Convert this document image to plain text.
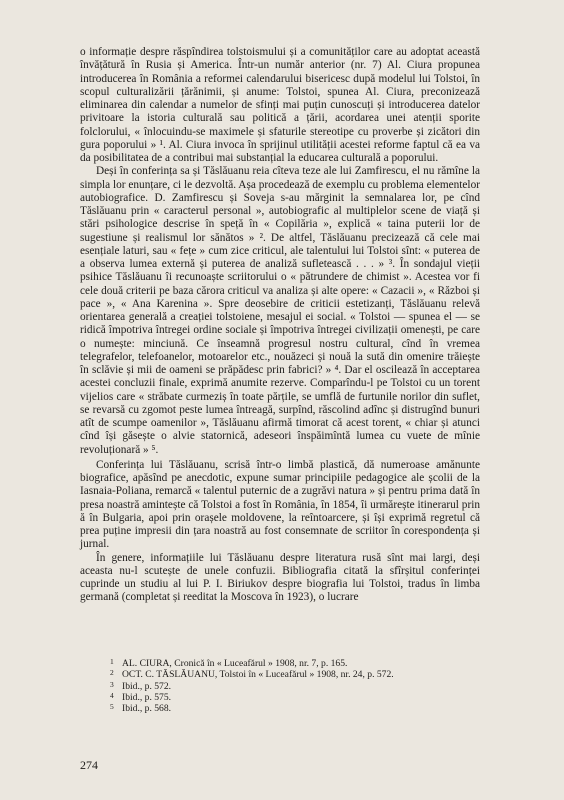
o informație despre răspîndirea tolstoismului și a comunităților care au adoptat această învățătură în Rusia și America. Într-un număr anterior (nr. 7) Al. Ciura propunea introducerea în România a reformei calendarului bisericesc după modelul lui Tolstoi, în scopul culturalizării țărănimii, și anume: Tolstoi, spunea Al. Ciura, preconizează eliminarea din calendar a numelor de sfinți mai puțin cunoscuți și introducerea datelor privitoare la istoria culturală sau politică a țării, acordarea unei atenții sporite folclorului, « înlocuindu-se maximele și sfaturile stereotipe cu proverbe și zicători din gura poporului » ¹. Al. Ciura invoca în sprijinul utilității acestei reforme faptul că ea va da posibilitatea de a contribui mai substanțial la educarea culturală a poporului.

Deși în conferința sa și Tăslăuanu reia cîteva teze ale lui Zamfirescu, el nu rămîne la simpla lor enunțare, ci le dezvoltă. Așa procedează de exemplu cu problema elementelor autobiografice. D. Zamfirescu și Soveja s-au mărginit la semnalarea lor, pe cînd Tăslăuanu prin « caracterul personal », autobiografic al multiplelor scene de viață și stări psihologice descrise în speță în « Copilăria », explică « taina puterii lor de sugestiune și realismul lor sănătos » ². De altfel, Tăslăuanu precizează că cele mai esențiale laturi, sau « fețe » cum zice criticul, ale talentului lui Tolstoi sînt: « puterea de a observa lumea externă și puterea de analiză sufletească . . . » ³. În sondajul vieții psihice Tăslăuanu îi recunoaște scriitorului o « pătrundere de chimist ». Acestea vor fi cele două criterii pe baza cărora criticul va analiza și alte opere: « Cazacii », « Război și pace », « Ana Karenina ». Spre deosebire de criticii estetizanți, Tăslăuanu relevă orientarea generală a creației tolstoiene, mesajul ei social. « Tolstoi — spunea el — se ridică împotriva întregei ordine sociale și împotriva întregei civilizații omenești, pe care o numește: minciună. Ce înseamnă progresul nostru cultural, cînd în vremea telegrafelor, telefoanelor, motoarelor etc., nouăzeci și nouă la sută din omenire trăiește în sclăvie și mii de oameni se prăpădesc prin fabrici? » ⁴. Dar el oscilează în acceptarea acestei concluzii finale, exprimă anumite rezerve. Comparîndu-l pe Tolstoi cu un torent vijelios care « străbate curmeziș în toate părțile, se umflă de furtunile norilor din suflet, se revarsă cu zgomot peste lumea întreagă, surpînd, răscolind adînc și distrugînd bunuri atît de scumpe oamenilor », Tăslăuanu afirmă timorat că acest torent, « chiar și atunci cînd își găsește o alvie statornică, adeseori înspăimîntă lumea cu vuete de mînie revoluționară » ⁵.

Conferința lui Tăslăuanu, scrisă într-o limbă plastică, dă numeroase amănunte biografice, apăsînd pe anecdotic, expune sumar principiile pedagogice ale școlii de la Iasnaia-Poliana, remarcă « talentul puternic de a zugrăvi natura » și pentru prima dată în presa noastră amintește că Tolstoi a fost în România, în 1854, îi urmărește itinerarul prin ă în Bulgaria, apoi prin orașele moldovene, la reîntoarcere, și își exprimă regretul că prea puține impresii din țara noastră au fost consemnate de scriitor în corespondența și jurnal.

În genere, informațiile lui Tăslăuanu despre literatura rusă sînt mai largi, deși aceasta nu-l scutește de unele confuzii. Bibliografia citată la sfîrșitul conferinței cuprinde un studiu al lui P. I. Biriukov despre biografia lui Tolstoi, tradus în limba germană (completat și reeditat la Moscova în 1923), o lucrare

1 AL. CIURA, Cronică în « Luceafărul » 1908, nr. 7, p. 165.
2 OCT. C. TĂSLĂUANU, Tolstoi în « Luceafărul » 1908, nr. 24, p. 572.
3 Ibid., p. 572.
4 Ibid., p. 575.
5 Ibid., p. 568.
274
